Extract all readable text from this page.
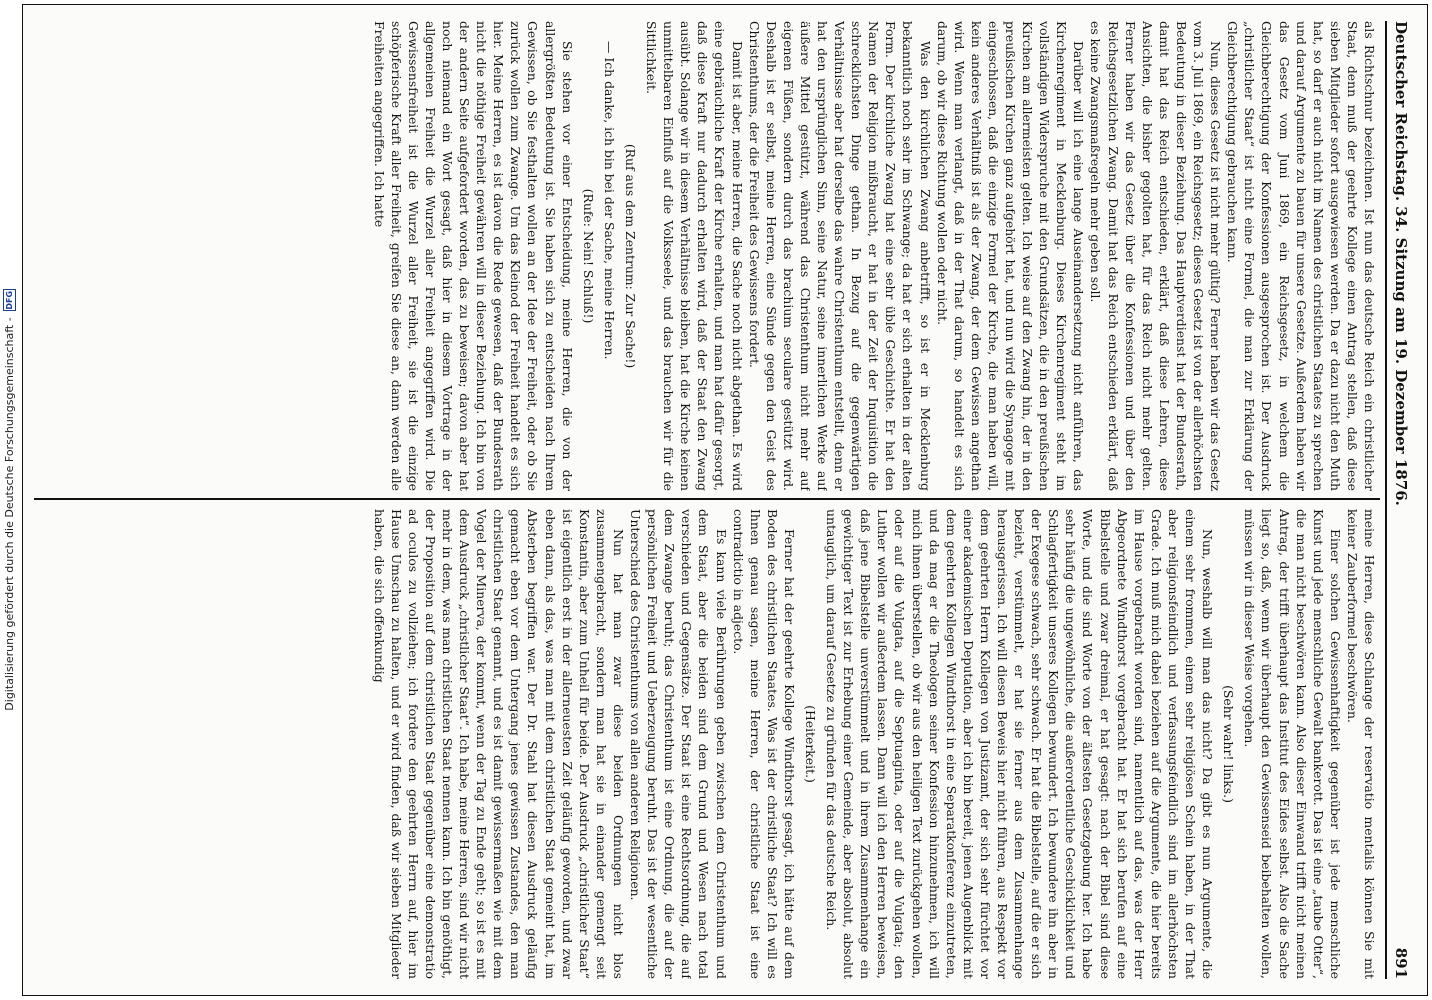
Digitalisierung gefördert durch die Deutsche Forschungsgemeinschaft -
DFG	Deutscher Reichstag. 34. Sitzung am 19. Dezember 1876.
891

als Richtschnur bezeichnen. Ist nun das deutsche Reich ein christlicher Staat, denn muß der geehrte Kollege einen Antrag stellen, daß diese sieben Mitglieder sofort ausgewiesen werden. Da er dazu nicht den Muth hat, so darf er auch nicht im Namen des christlichen Staates zu sprechen und darauf Argumente zu bauen für unsere Gesetze. Außerdem haben wir das Gesetz vom Juni 1869, ein Reichsgesetz, in welchem die Gleichberechtigung der Konfessionen ausgesprochen ist. Der Ausdruck „christlicher Staat“ ist nicht eine Formel, die man zur Erklärung der Gleichberechtigung gebrauchen kann.

Nun, dieses Gesetz ist nicht mehr gültig? Ferner haben wir das Gesetz vom 3. Juli 1869, ein Reichsgesetz; dieses Gesetz ist von der allerhöchsten Bedeutung in dieser Beziehung. Das Hauptverdienst hat der Bundesrath, damit hat das Reich entschieden, erklärt, daß diese Lehren, diese Ansichten, die bisher gegolten hat, für das Reich nicht mehr gelten. Ferner haben wir das Gesetz über die Konfessionen und über den Reichsgesetzlichen Zwang. Damit hat das Reich entschieden erklärt, daß es keine Zwangsmaßregeln mehr geben soll.

Darüber will ich eine lange Auseinandersetzung nicht anführen, das Kirchenregiment in Mecklenburg. Dieses Kirchenregiment steht im vollständigen Widerspruche mit den Grundsätzen, die in den preußischen Kirchen am allermeisten gelten. Ich weise auf den Zwang hin, der in den preußischen Kirchen ganz aufgehört hat, und nun wird die Synagoge mit eingeschlossen, daß die einzige Formel der Kirche, die man haben will, kein anderes Verhältniß ist als der Zwang, der dem Gewissen angethan wird. Wenn man verlangt, daß in der That darum, so handelt es sich darum, ob wir diese Richtung wollen oder nicht.

Was den kirchlichen Zwang anbetrifft, so ist er in Mecklenburg bekanntlich noch sehr im Schwange; da hat er sich erhalten in der alten Form. Der kirchliche Zwang hat eine sehr üble Geschichte. Er hat den Namen der Religion mißbraucht, er hat in der Zeit der Inquisition die schrecklichsten Dinge gethan. In Bezug auf die gegenwärtigen Verhältnisse aber hat derselbe das wahre Christenthum entstellt, denn er hat den ursprünglichen Sinn, seine Natur, seine innerlichen Werke auf äußere Mittel gestützt, während das Christenthum nicht mehr auf eigenen Füßen, sondern durch das brachium seculare gestützt wird. Deshalb ist er selbst, meine Herren, eine Sünde gegen den Geist des Christenthums, der die Freiheit des Gewissens fordert.

Damit ist aber, meine Herren, die Sache noch nicht abgethan. Es wird eine gebräuchliche Kraft der Kirche erhalten, und man hat dafür gesorgt, daß diese Kraft nur dadurch erhalten wird, daß der Staat den Zwang ausübt. Solange wir in diesem Verhältnisse bleiben, hat die Kirche keinen unmittelbaren Einfluß auf die Volksseele, und das brauchen wir für die Sittlichkeit.

(Ruf aus dem Zentrum: Zur Sache!)

— Ich danke, ich bin bei der Sache, meine Herren.

(Rufe: Nein! Schluß!)

Sie stehen vor einer Entscheidung, meine Herren, die von der allergrößten Bedeutung ist. Sie haben sich zu entscheiden nach Ihrem Gewissen, ob Sie festhalten wollen an der Idee der Freiheit, oder ob Sie zurück wollen zum Zwange. Um das Kleinod der Freiheit handelt es sich hier. Meine Herren, es ist davon die Rede gewesen, daß der Bundesrath nicht die nöthige Freiheit gewähren will in dieser Beziehung. Ich bin von der andern Seite aufgefordert worden, das zu beweisen; davon aber hat noch niemand ein Wort gesagt, daß hier in diesem Vortrage in der allgemeinen Freiheit die Wurzel aller Freiheit angegriffen wird. Die Gewissensfreiheit ist die Wurzel aller Freiheit, sie ist die einzige schöpferische Kraft aller Freiheit, greifen Sie diese an, dann werden alle Freiheiten angegriffen. Ich hatte

meine Herren, diese Schlange der reservatio mentalis können Sie mit keiner Zauberformel beschwören.

Einer solchen Gewissenhaftigkeit gegenüber ist jede menschliche Kunst und jede menschliche Gewalt bankerott. Das ist eine „taube Otter“, die man nicht beschwören kann. Also dieser Einwand trifft nicht meinen Antrag, der trifft überhaupt das Institut des Eides selbst. Also die Sache liegt so, daß, wenn wir überhaupt den Gewissenseid beibehalten wollen, müssen wir in dieser Weise vorgehen.

(Sehr wahr! links.)

Nun, weshalb will man das nicht? Da gibt es nun Argumente, die einem sehr frommen, einem sehr religiösen Schein haben, in der That aber religionsfeindlich und verfassungsfeindlich sind im allerhöchsten Grade. Ich muß mich dabei beziehen auf die Argumente, die hier bereits im Hause vorgebracht worden sind, namentlich auf das, was der Herr Abgeordnete Windthorst vorgebracht hat. Er hat sich berufen auf eine Bibelstelle und zwar dreimal, er hat gesagt: nach der Bibel sind diese Worte, und die sind Worte von der ältesten Gesetzgebung her. Ich habe sehr häufig die ungewöhnliche, die außerordentliche Geschicklichkeit und Schlagfertigkeit unseres Kollegen bewundert. Ich bewundere ihn aber in der Exegese schwach, sehr schwach. Er hat die Bibelstelle, auf die er sich bezieht, verstümmelt, er hat sie ferner aus dem Zusammenhange herausgerissen. Ich will diesen Beweis hier nicht führen, aus Respekt vor dem geehrten Herrn Kollegen von Justizamt, der sich sehr fürchtet vor einer akademischen Deputation, aber ich bin bereit, jenen Augenblick mit dem geehrten Kollegen Windthorst in eine Separatkonferenz einzutreten, und da mag er die Theologen seiner Konfession hinzunehmen, ich will mich ihnen überstellen, ob wir aus den heiligen Text zurückgehen wollen, oder auf die Vulgata, auf die Septuaginta, oder auf die Vulgata; den Luther wollen wir außerdem lassen. Dann will ich den Herren beweisen, daß jene Bibelstelle unverstümmelt und in ihrem Zusammenhange ein gewichtiger Text ist zur Erhebung einer Gemeinde, aber absolut, absolut untauglich, um darauf Gesetze zu gründen für das deutsche Reich.

(Heiterkeit.)

Ferner hat der geehrte Kollege Windthorst gesagt, ich hätte auf dem Boden des christlichen Staates. Was ist der christliche Staat? Ich will es Ihnen genau sagen, meine Herren, der christliche Staat ist eine contradictio in adjecto.

Es kann viele Berührungen geben zwischen dem Christenthum und dem Staat, aber die beiden sind dem Grund und Wesen nach total verschieden und Gegensätze. Der Staat ist eine Rechtsordnung, die auf dem Zwange beruht; das Christenthum ist eine Ordnung, die auf der persönlichen Freiheit und Ueberzeugung beruht. Das ist der wesentliche Unterschied des Christenthums von allen anderen Religionen.

Nun hat man zwar diese beiden Ordnungen nicht blos zusammengebracht, sondern man hat sie in einander gemengt seit Konstantin, aber zum Unheil für beide. Der Ausdruck „christlicher Staat“ ist eigentlich erst in der allerneuesten Zeit geläufig geworden, und zwar eben dann, als das, was man mit dem christlichen Staat gemeint hat, im Absterben begriffen war. Der Dr. Stahl hat diesen Ausdruck geläufig gemacht eben vor dem Untergang jenes gewissen Zustandes, den man christlichen Staat genannt, und es ist damit gewissermaßen wie mit dem Vogel der Minerva, der kommt, wenn der Tag zu Ende geht; so ist es mit dem Ausdruck „christlicher Staat“. Ich habe, meine Herren, sind wir nicht mehr in dem, was man christlichen Staat nennen kann. Ich bin genöthigt, der Proposition auf dem christlichen Staat gegenüber eine demonstratio ad oculos zu vollziehen; ich fordere den geehrten Herrn auf, hier im Hause Umschau zu halten, und er wird finden, daß wir sieben Mitglieder haben, die sich offenkundig
